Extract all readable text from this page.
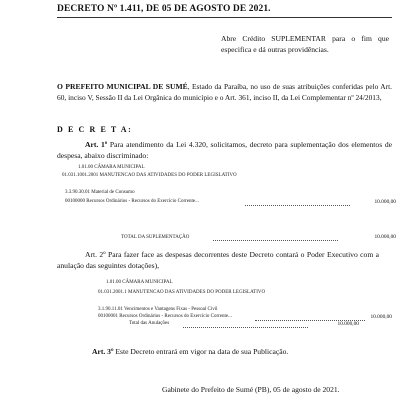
DECRETO Nº 1.411, DE 05 DE AGOSTO DE 2021.
Abre Crédito SUPLEMENTAR para o fim que especifica e dá outras providências.
O PREFEITO MUNICIPAL DE SUMÉ, Estado da Paraíba, no uso de suas atribuições conferidas pelo Art. 60, inciso V, Sessão II da Lei Orgânica do município e o Art. 361, inciso II, da Lei Complementar nº 24/2013,
D E C R E T A:
Art. 1º Para atendimento da Lei 4.320, solicitamos, decreto para suplementação dos elementos de despesa, abaixo discriminado:
1.01.00 CÂMARA MUNICIPAL
01.031.1001.2001 MANUTENCAO DAS ATIVIDADES DO PODER LEGISLATIVO
3.3.90.30.01 Material de Consumo
00100000 Recursos Ordinários - Recursos do Exercício Corrente...	10.000,00
TOTAL DA SUPLEMENTAÇÃO	10.000,00
Art. 2º Para fazer face as despesas decorrentes deste Decreto contará o Poder Executivo com a anulação das seguintes dotações),
1.01.00 CÂMARA MUNICIPAL
01.031.2001.1 MANUTENCAO DAS ATIVIDADES DO PODER LEGISLATIVO
3.1.90.11.01 Vencimentos e Vantagens Fixas - Pessoal Civil
00100001 Recursos Ordinários - Recursos do Exercício Corrente...	10.000,00
Total das Anulações	10.000,00
Art. 3º Este Decreto entrará em vigor na data de sua Publicação.
Gabinete do Prefeito de Sumé (PB), 05 de agosto de 2021.
